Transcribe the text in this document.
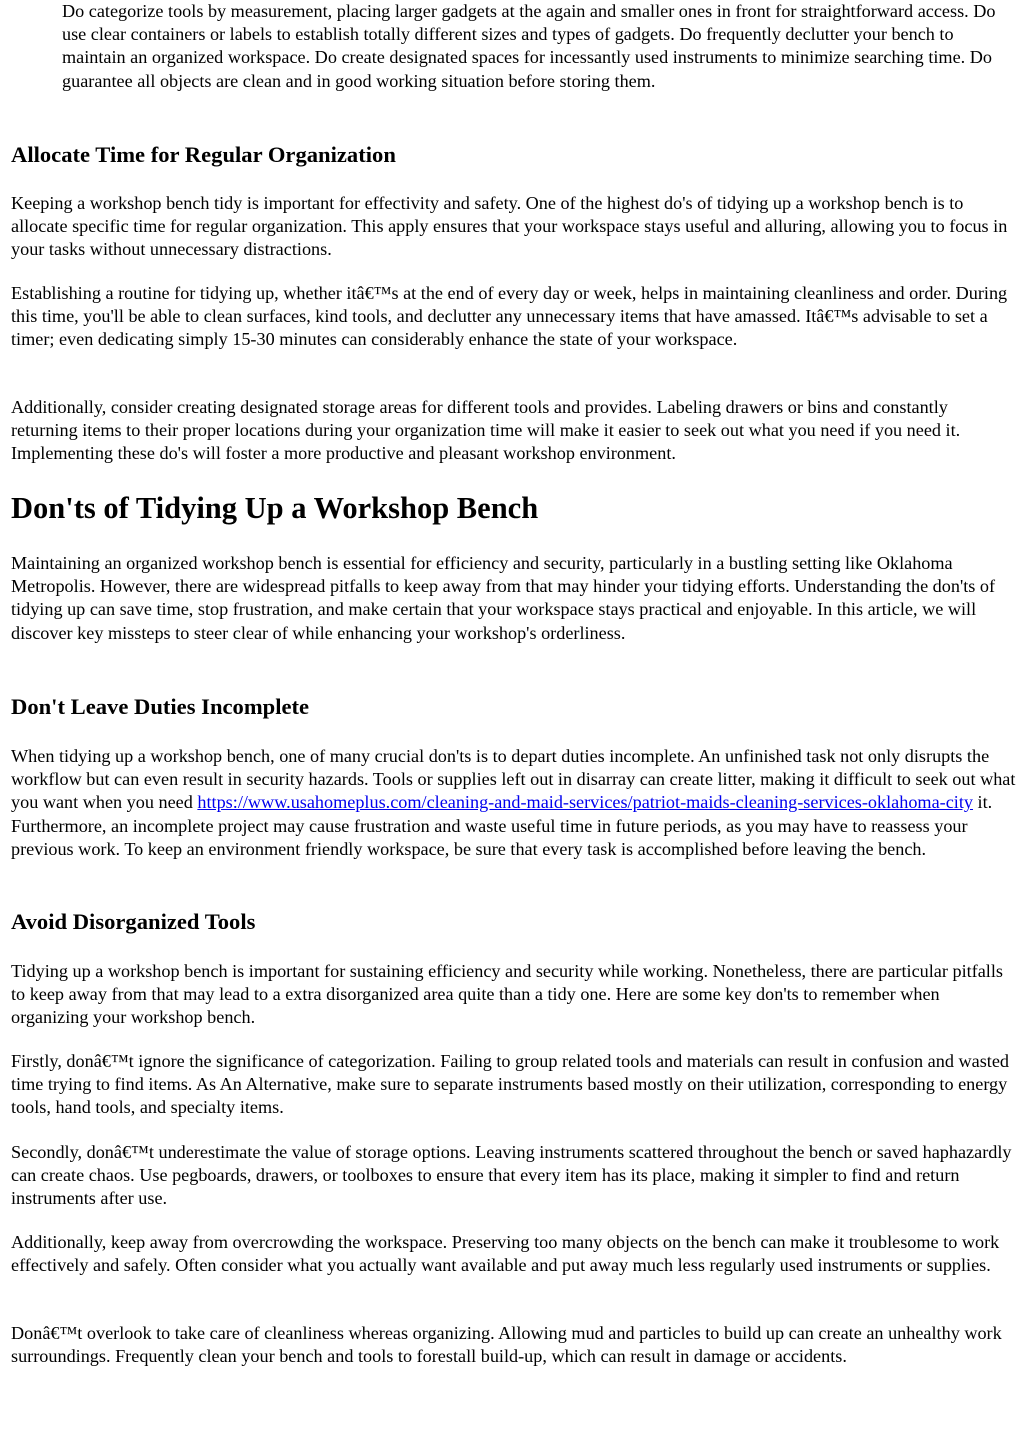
Do categorize tools by measurement, placing larger gadgets at the again and smaller ones in front for straightforward access. Do use clear containers or labels to establish totally different sizes and types of gadgets. Do frequently declutter your bench to maintain an organized workspace. Do create designated spaces for incessantly used instruments to minimize searching time. Do guarantee all objects are clean and in good working situation before storing them.

Allocate Time for Regular Organization

Keeping a workshop bench tidy is important for effectivity and safety. One of the highest do's of tidying up a workshop bench is to allocate specific time for regular organization. This apply ensures that your workspace stays useful and alluring, allowing you to focus in your tasks without unnecessary distractions.

Establishing a routine for tidying up, whether itâ€™s at the end of every day or week, helps in maintaining cleanliness and order. During this time, you'll be able to clean surfaces, kind tools, and declutter any unnecessary items that have amassed. Itâ€™s advisable to set a timer; even dedicating simply 15-30 minutes can considerably enhance the state of your workspace.

Additionally, consider creating designated storage areas for different tools and provides. Labeling drawers or bins and constantly returning items to their proper locations during your organization time will make it easier to seek out what you need if you need it. Implementing these do's will foster a more productive and pleasant workshop environment.

Don'ts of Tidying Up a Workshop Bench

Maintaining an organized workshop bench is essential for efficiency and security, particularly in a bustling setting like Oklahoma Metropolis. However, there are widespread pitfalls to keep away from that may hinder your tidying efforts. Understanding the don'ts of tidying up can save time, stop frustration, and make certain that your workspace stays practical and enjoyable. In this article, we will discover key missteps to steer clear of while enhancing your workshop's orderliness.

Don't Leave Duties Incomplete

When tidying up a workshop bench, one of many crucial don'ts is to depart duties incomplete. An unfinished task not only disrupts the workflow but can even result in security hazards. Tools or supplies left out in disarray can create litter, making it difficult to seek out what you want when you need https://www.usahomeplus.com/cleaning-and-maid-services/patriot-maids-cleaning-services-oklahoma-city it. Furthermore, an incomplete project may cause frustration and waste useful time in future periods, as you may have to reassess your previous work. To keep an environment friendly workspace, be sure that every task is accomplished before leaving the bench.

Avoid Disorganized Tools

Tidying up a workshop bench is important for sustaining efficiency and security while working. Nonetheless, there are particular pitfalls to keep away from that may lead to a extra disorganized area quite than a tidy one. Here are some key don'ts to remember when organizing your workshop bench.

Firstly, donâ€™t ignore the significance of categorization. Failing to group related tools and materials can result in confusion and wasted time trying to find items. As An Alternative, make sure to separate instruments based mostly on their utilization, corresponding to energy tools, hand tools, and specialty items.

Secondly, donâ€™t underestimate the value of storage options. Leaving instruments scattered throughout the bench or saved haphazardly can create chaos. Use pegboards, drawers, or toolboxes to ensure that every item has its place, making it simpler to find and return instruments after use.

Additionally, keep away from overcrowding the workspace. Preserving too many objects on the bench can make it troublesome to work effectively and safely. Often consider what you actually want available and put away much less regularly used instruments or supplies.

Donâ€™t overlook to take care of cleanliness whereas organizing. Allowing mud and particles to build up can create an unhealthy work surroundings. Frequently clean your bench and tools to forestall build-up, which can result in damage or accidents.
